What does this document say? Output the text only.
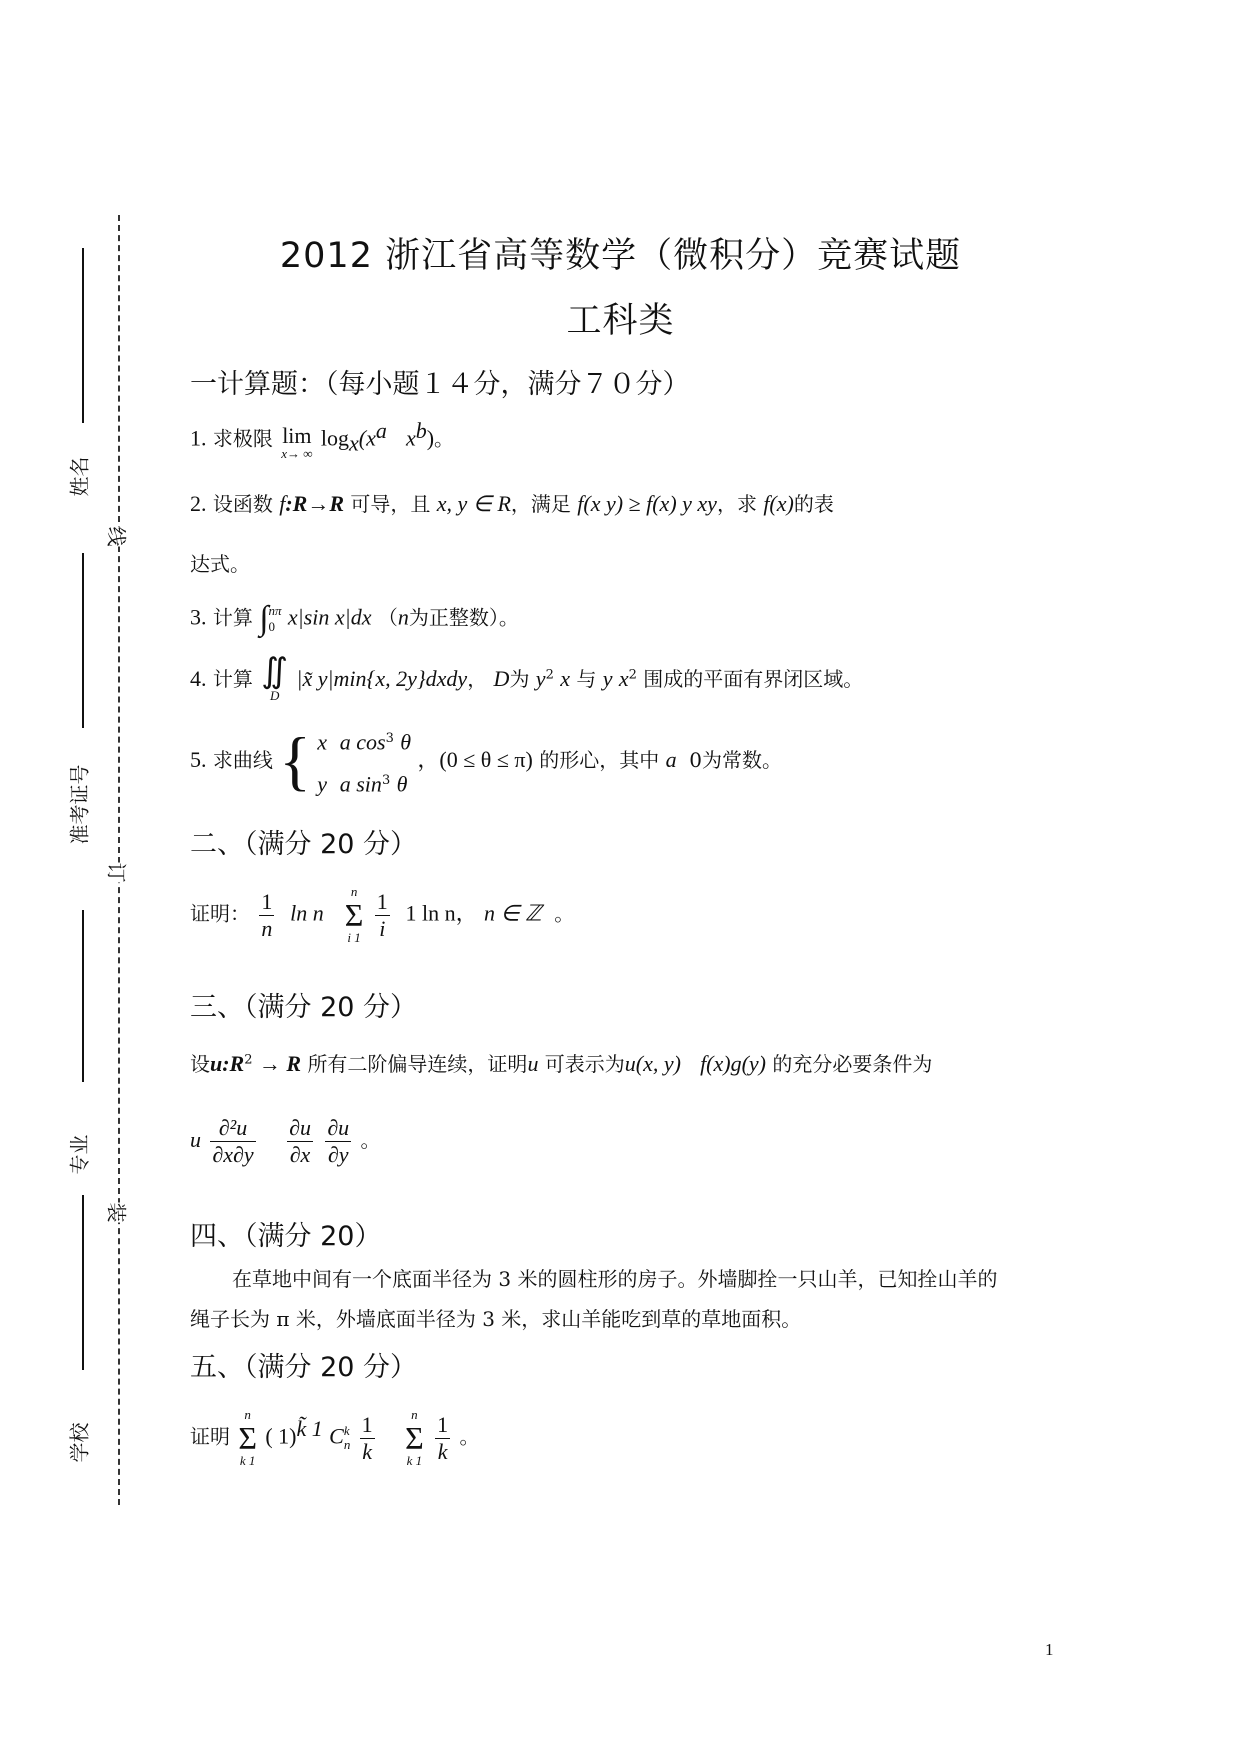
姓名
准考证号
专业
学校
线
订
装
2012 浙江省高等数学（微积分）竞赛试题
工科类
一计算题：（每小题１４分，满分７０分）
1. 求极限 lim
x→ ∞
$\log_x(x^a$ $x^b$)。
2. 设函数 f:R→R 可导，且 x, y ∈ R，满足 f(x y) ≥ f(x) y xy，求 f(x)的表
达式。
3. 计算 ∫ nπ
0 x|sin x|dx （n为正整数）。
4. 计算 ∬
D
|x̃ y|min{x, 2y}dxdy， D为 $y^2$ x 与 y $x^2$ 围成的平面有界闭区域。
5. 求曲线 { x a $\cos^3 \theta$
y a $\sin^3 \theta$
，(0 ≤ θ ≤ π) 的形心，其中 a 0为常数。
二、（满分 20 分）
证明： $\frac{1}{n}$ ln n
n
Σ
i 1
$\frac{1}{i} 1$ ln n， n ∈ ℤ 。
三、（满分 20 分）
设$u:R^2 \to R$ 所有二阶偏导连续，证明u 可表示为u(x, y) f(x)g(y) 的充分必要条件为
u $\frac{\text{∂²u}}{\partial x\partial y}$
$\frac{\partial u}{\partial x}$
$\frac{\partial u}{\partial y}$ 。
四、（满分 20）
在草地中间有一个底面半径为 3 米的圆柱形的房子。外墙脚拴一只山羊，已知拴山羊的
绳子长为 π 米，外墙底面半径为 3 米，求山羊能吃到草的草地面积。
五、（满分 20 分）
证明
n
Σ
k 1
( 1)$^{k̃ 1}$ C k
n
$\frac{1}{k}$
	n
Σ
k 1
$\frac{1}{k}$ 。
1
